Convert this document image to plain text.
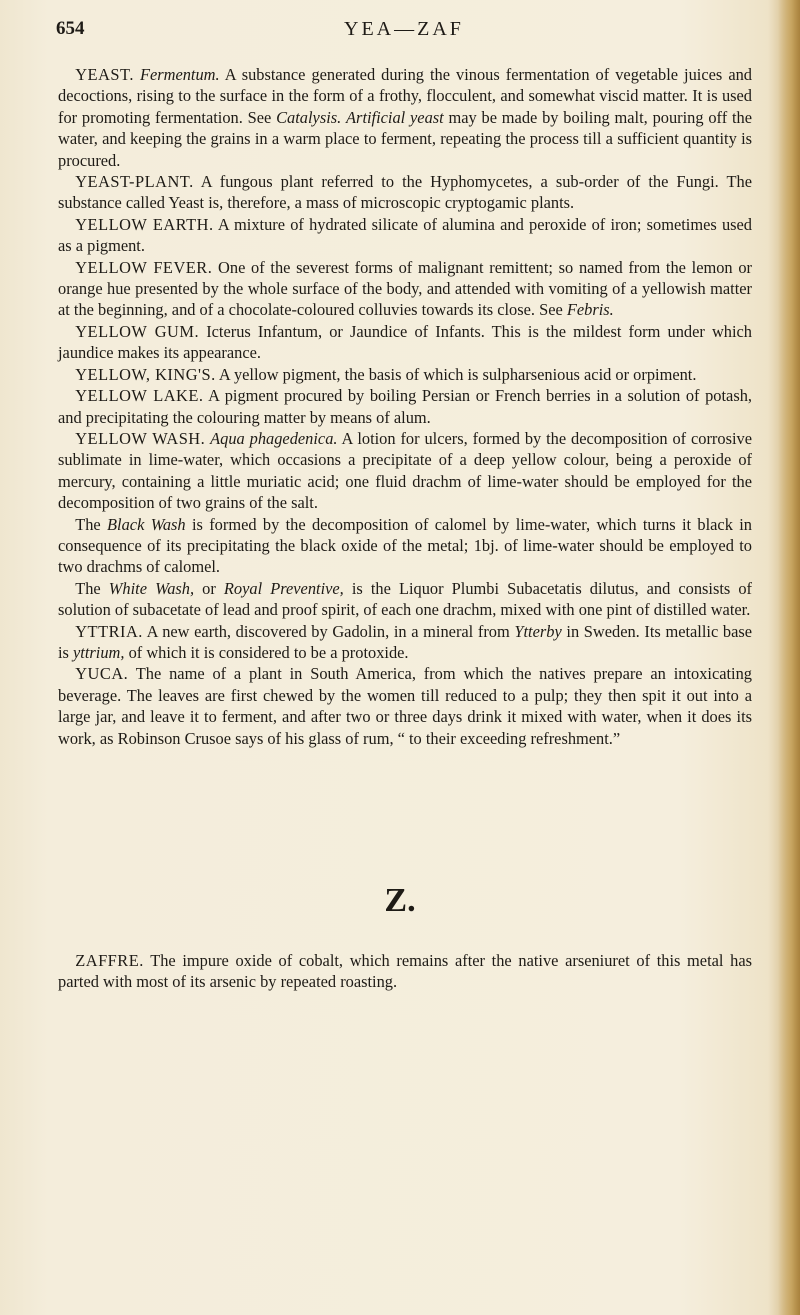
654	YEA—ZAF

YEAST. Fermentum. A substance generated during the vinous fermentation of vegetable juices and decoctions, rising to the surface in the form of a frothy, flocculent, and somewhat viscid matter. It is used for promoting fermentation. See Catalysis. Artificial yeast may be made by boiling malt, pouring off the water, and keeping the grains in a warm place to ferment, repeating the process till a sufficient quantity is procured.

YEAST-PLANT. A fungous plant referred to the Hyphomycetes, a sub-order of the Fungi. The substance called Yeast is, therefore, a mass of microscopic cryptogamic plants.

YELLOW EARTH. A mixture of hydrated silicate of alumina and peroxide of iron; sometimes used as a pigment.

YELLOW FEVER. One of the severest forms of malignant remittent; so named from the lemon or orange hue presented by the whole surface of the body, and attended with vomiting of a yellowish matter at the beginning, and of a chocolate-coloured colluvies towards its close. See Febris.

YELLOW GUM. Icterus Infantum, or Jaundice of Infants. This is the mildest form under which jaundice makes its appearance.

YELLOW, KING'S. A yellow pigment, the basis of which is sulpharsenious acid or orpiment.

YELLOW LAKE. A pigment procured by boiling Persian or French berries in a solution of potash, and precipitating the colouring matter by means of alum.

YELLOW WASH. Aqua phagedenica. A lotion for ulcers, formed by the decomposition of corrosive sublimate in lime-water, which occasions a precipitate of a deep yellow colour, being a peroxide of mercury, containing a little muriatic acid; one fluid drachm of lime-water should be employed for the decomposition of two grains of the salt.

The Black Wash is formed by the decomposition of calomel by lime-water, which turns it black in consequence of its precipitating the black oxide of the metal; 1bj. of lime-water should be employed to two drachms of calomel.

The White Wash, or Royal Preventive, is the Liquor Plumbi Subacetatis dilutus, and consists of solution of subacetate of lead and proof spirit, of each one drachm, mixed with one pint of distilled water.

YTTRIA. A new earth, discovered by Gadolin, in a mineral from Ytterby in Sweden. Its metallic base is yttrium, of which it is considered to be a protoxide.

YUCA. The name of a plant in South America, from which the natives prepare an intoxicating beverage. The leaves are first chewed by the women till reduced to a pulp; they then spit it out into a large jar, and leave it to ferment, and after two or three days drink it mixed with water, when it does its work, as Robinson Crusoe says of his glass of rum, “ to their exceeding refreshment.”

Z.

ZAFFRE. The impure oxide of cobalt, which remains after the native arseniuret of this metal has parted with most of its arsenic by repeated roasting.
